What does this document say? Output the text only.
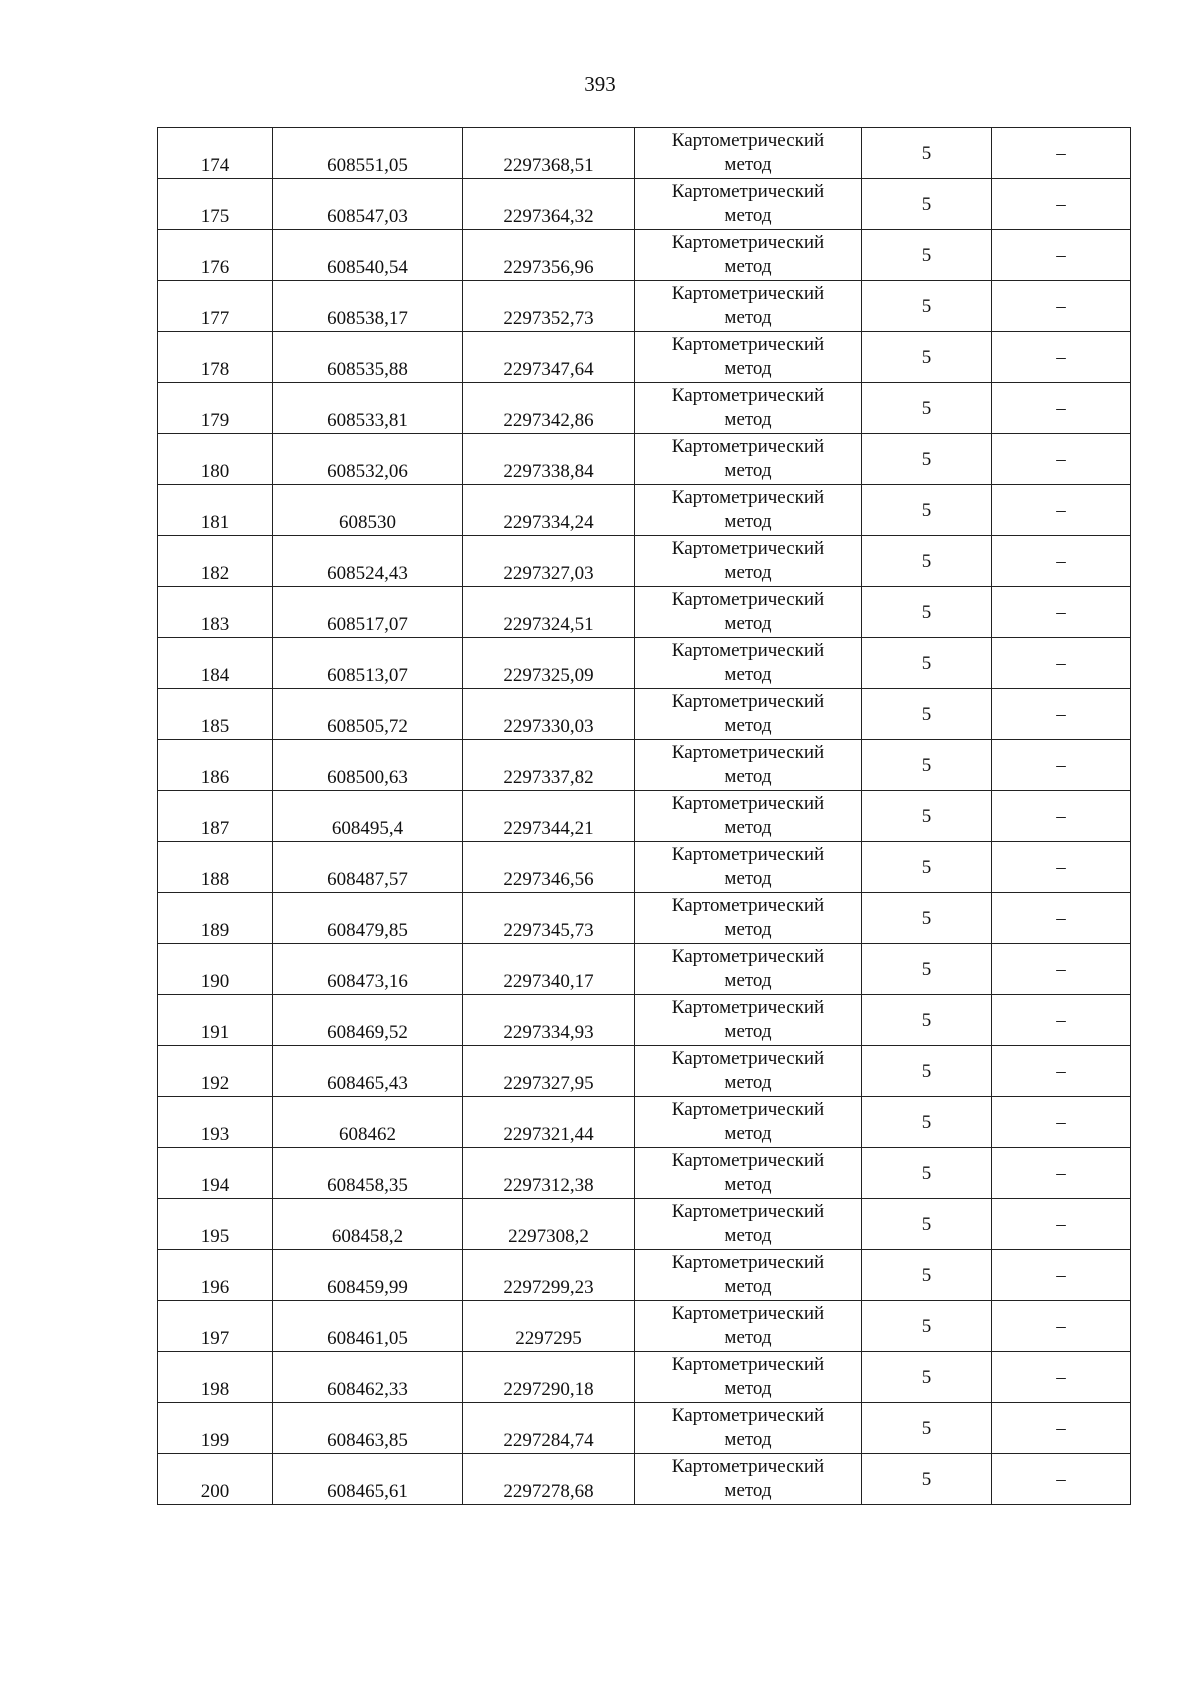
393
174	608551,05	2297368,51	Картометрический
метод	5	–
175	608547,03	2297364,32	Картометрический
метод	5	–
176	608540,54	2297356,96	Картометрический
метод	5	–
177	608538,17	2297352,73	Картометрический
метод	5	–
178	608535,88	2297347,64	Картометрический
метод	5	–
179	608533,81	2297342,86	Картометрический
метод	5	–
180	608532,06	2297338,84	Картометрический
метод	5	–
181	608530	2297334,24	Картометрический
метод	5	–
182	608524,43	2297327,03	Картометрический
метод	5	–
183	608517,07	2297324,51	Картометрический
метод	5	–
184	608513,07	2297325,09	Картометрический
метод	5	–
185	608505,72	2297330,03	Картометрический
метод	5	–
186	608500,63	2297337,82	Картометрический
метод	5	–
187	608495,4	2297344,21	Картометрический
метод	5	–
188	608487,57	2297346,56	Картометрический
метод	5	–
189	608479,85	2297345,73	Картометрический
метод	5	–
190	608473,16	2297340,17	Картометрический
метод	5	–
191	608469,52	2297334,93	Картометрический
метод	5	–
192	608465,43	2297327,95	Картометрический
метод	5	–
193	608462	2297321,44	Картометрический
метод	5	–
194	608458,35	2297312,38	Картометрический
метод	5	–
195	608458,2	2297308,2	Картометрический
метод	5	–
196	608459,99	2297299,23	Картометрический
метод	5	–
197	608461,05	2297295	Картометрический
метод	5	–
198	608462,33	2297290,18	Картометрический
метод	5	–
199	608463,85	2297284,74	Картометрический
метод	5	–
200	608465,61	2297278,68	Картометрический
метод	5	–
